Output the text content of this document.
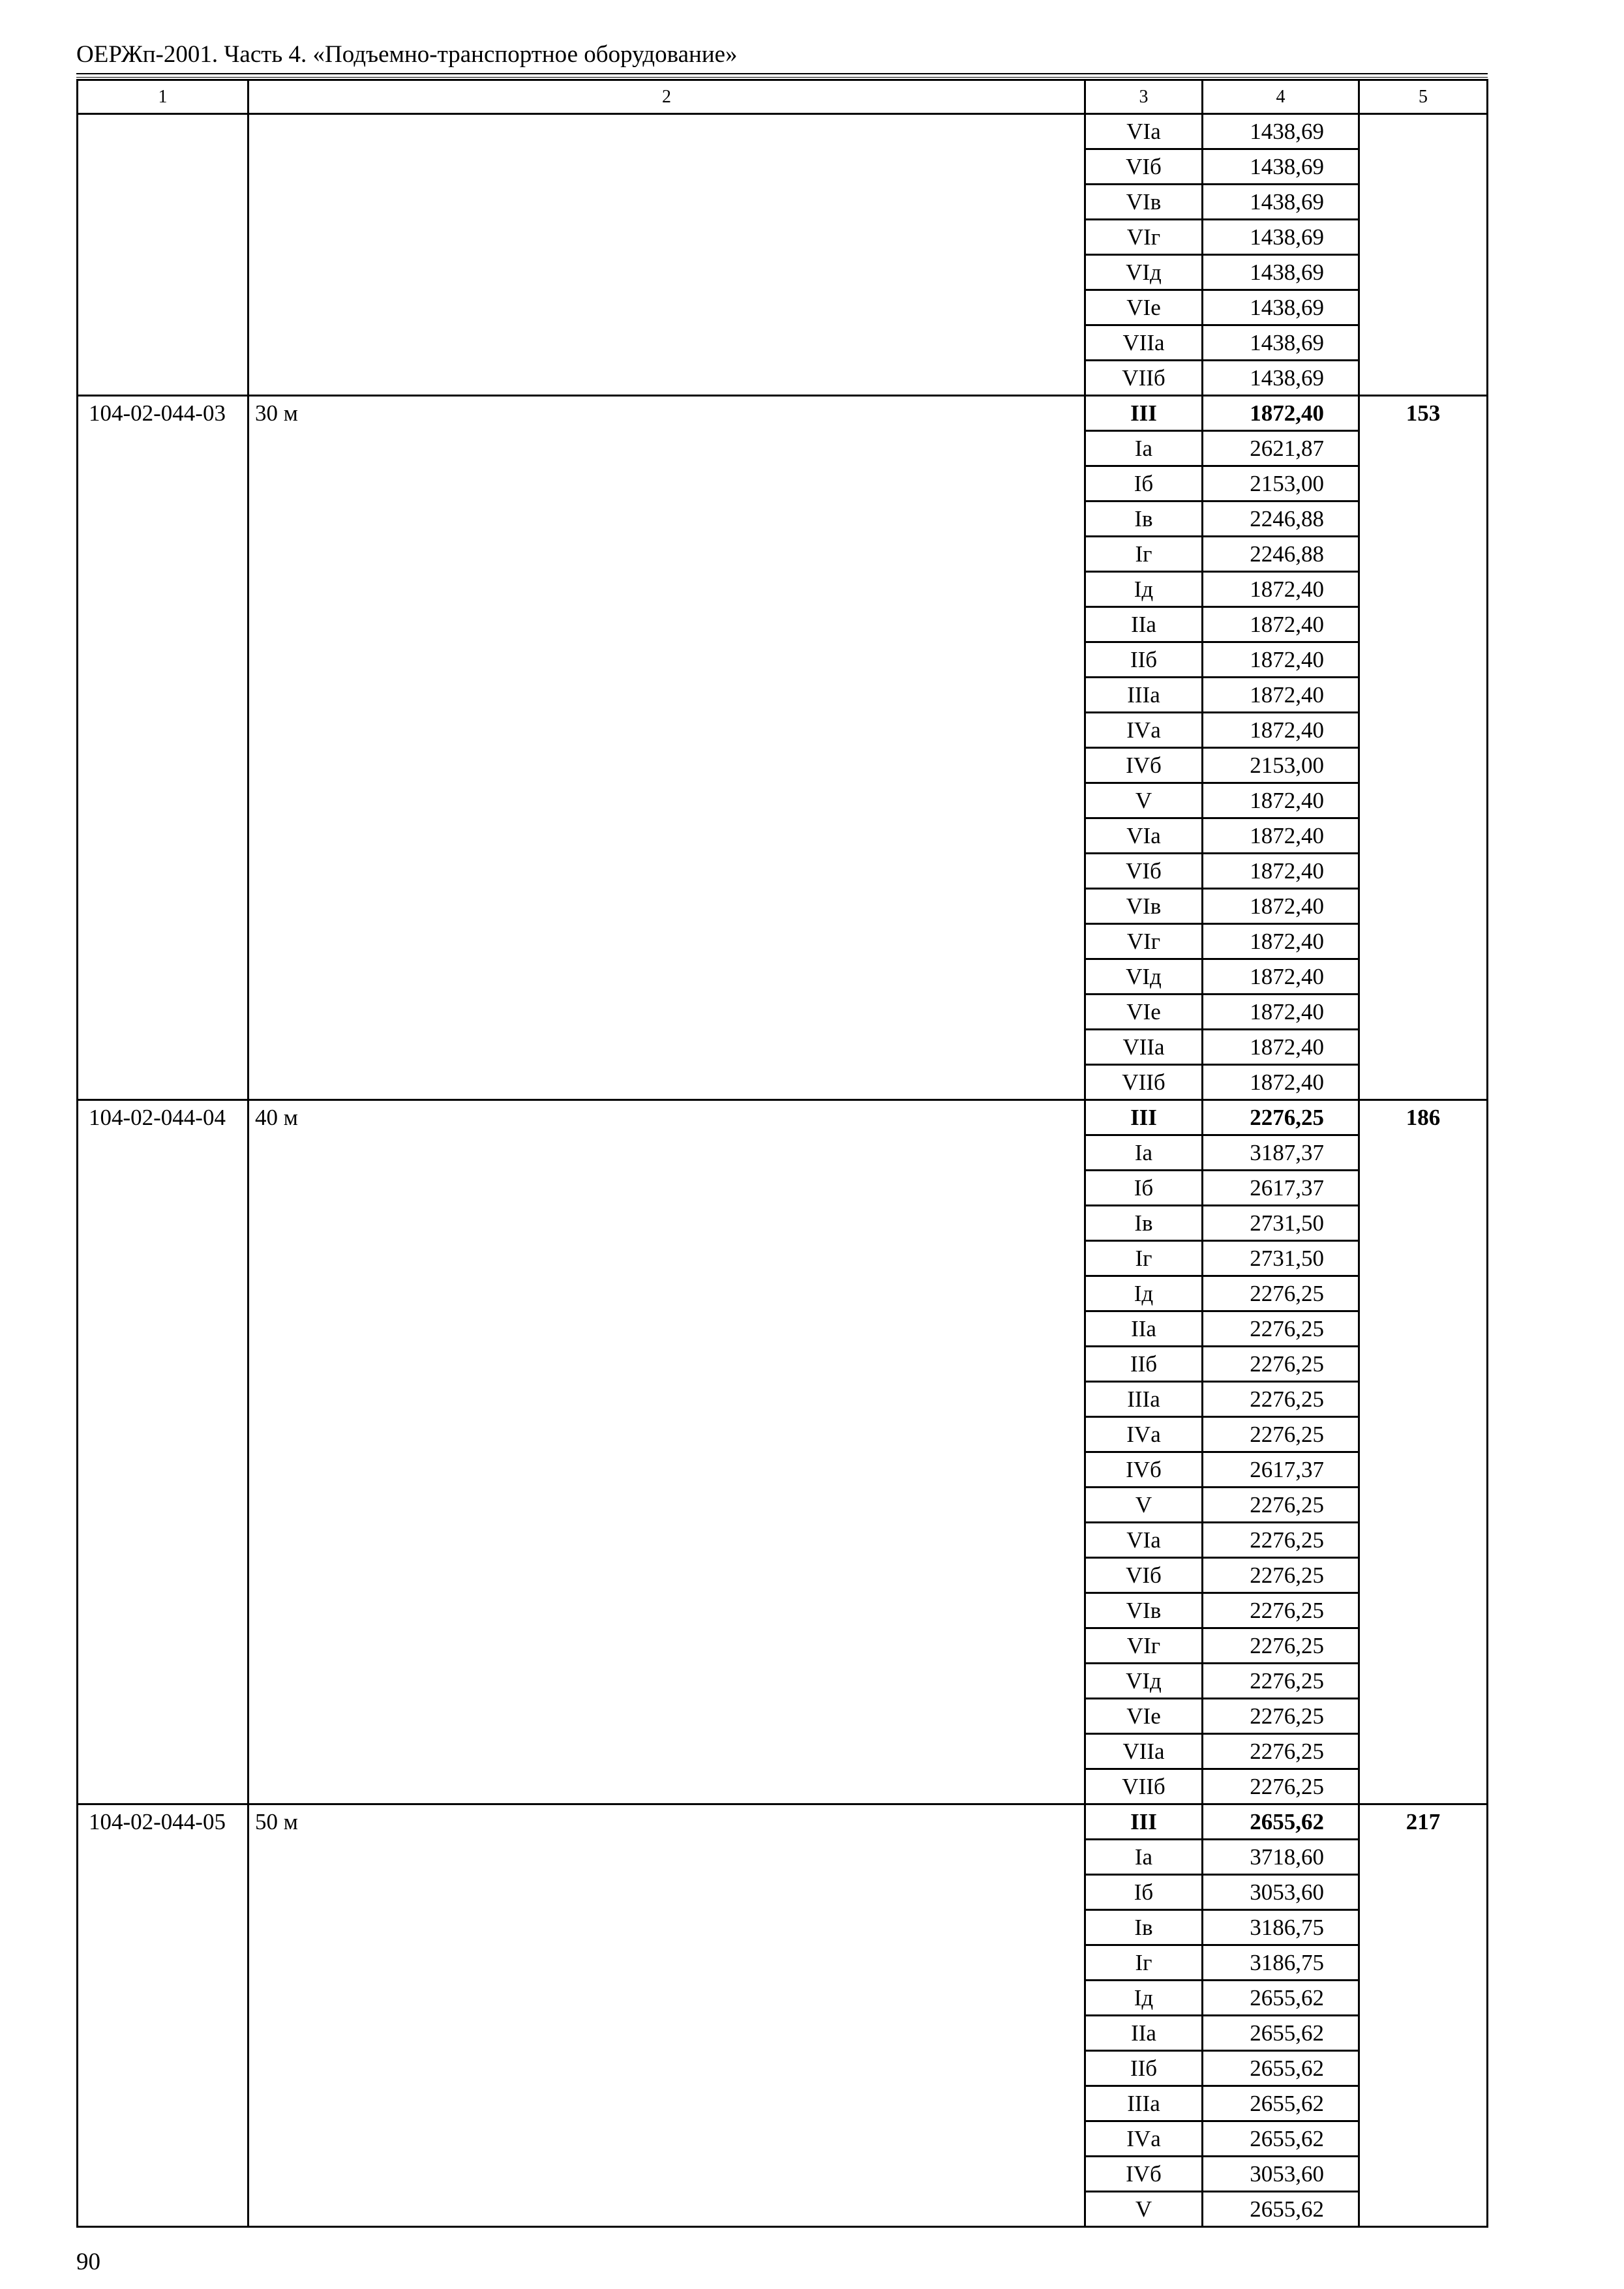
ОЕРЖп-2001. Часть 4. «Подъемно-транспортное оборудование»
1	2	3	4	5
		VIа	1438,69	
		VIб	1438,69	
		VIв	1438,69	
		VIг	1438,69	
		VIд	1438,69	
		VIе	1438,69	
		VIIа	1438,69	
		VIIб	1438,69	
104-02-044-03	30 м	III	1872,40	153
		Iа	2621,87	
		Iб	2153,00	
		Iв	2246,88	
		Iг	2246,88	
		Iд	1872,40	
		IIа	1872,40	
		IIб	1872,40	
		IIIа	1872,40	
		IVа	1872,40	
		IVб	2153,00	
		V	1872,40	
		VIа	1872,40	
		VIб	1872,40	
		VIв	1872,40	
		VIг	1872,40	
		VIд	1872,40	
		VIе	1872,40	
		VIIа	1872,40	
		VIIб	1872,40	
104-02-044-04	40 м	III	2276,25	186
		Iа	3187,37	
		Iб	2617,37	
		Iв	2731,50	
		Iг	2731,50	
		Iд	2276,25	
		IIа	2276,25	
		IIб	2276,25	
		IIIа	2276,25	
		IVа	2276,25	
		IVб	2617,37	
		V	2276,25	
		VIа	2276,25	
		VIб	2276,25	
		VIв	2276,25	
		VIг	2276,25	
		VIд	2276,25	
		VIе	2276,25	
		VIIа	2276,25	
		VIIб	2276,25	
104-02-044-05	50 м	III	2655,62	217
		Iа	3718,60	
		Iб	3053,60	
		Iв	3186,75	
		Iг	3186,75	
		Iд	2655,62	
		IIа	2655,62	
		IIб	2655,62	
		IIIа	2655,62	
		IVа	2655,62	
		IVб	3053,60	
		V	2655,62	
90
